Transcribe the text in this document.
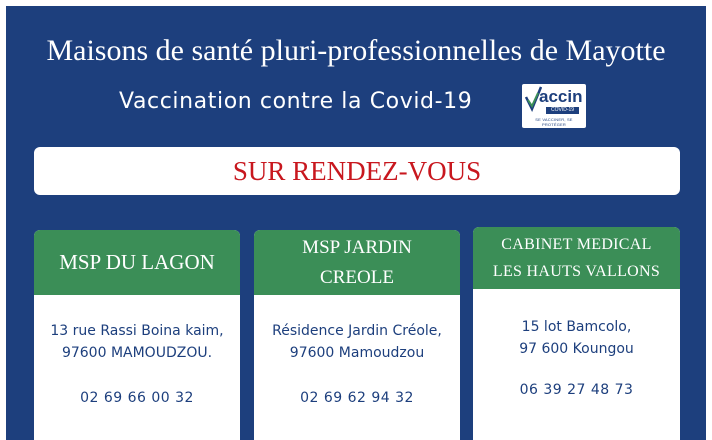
Maisons de santé pluri-professionnelles de Mayotte
Vaccination contre la Covid-19	accin
COVID-19
SE VACCINER, SE PROTÉGER
SUR RENDEZ-VOUS
MSP DU LAGON
13 rue Rassi Boina kaim,
97600 MAMOUDZOU.
02 69 66 00 32
MSP JARDIN
CREOLE
Résidence Jardin Créole,
97600 Mamoudzou
02 69 62 94 32
CABINET MEDICAL
LES HAUTS VALLONS
15 lot Bamcolo,
97 600 Koungou
06 39 27 48 73
